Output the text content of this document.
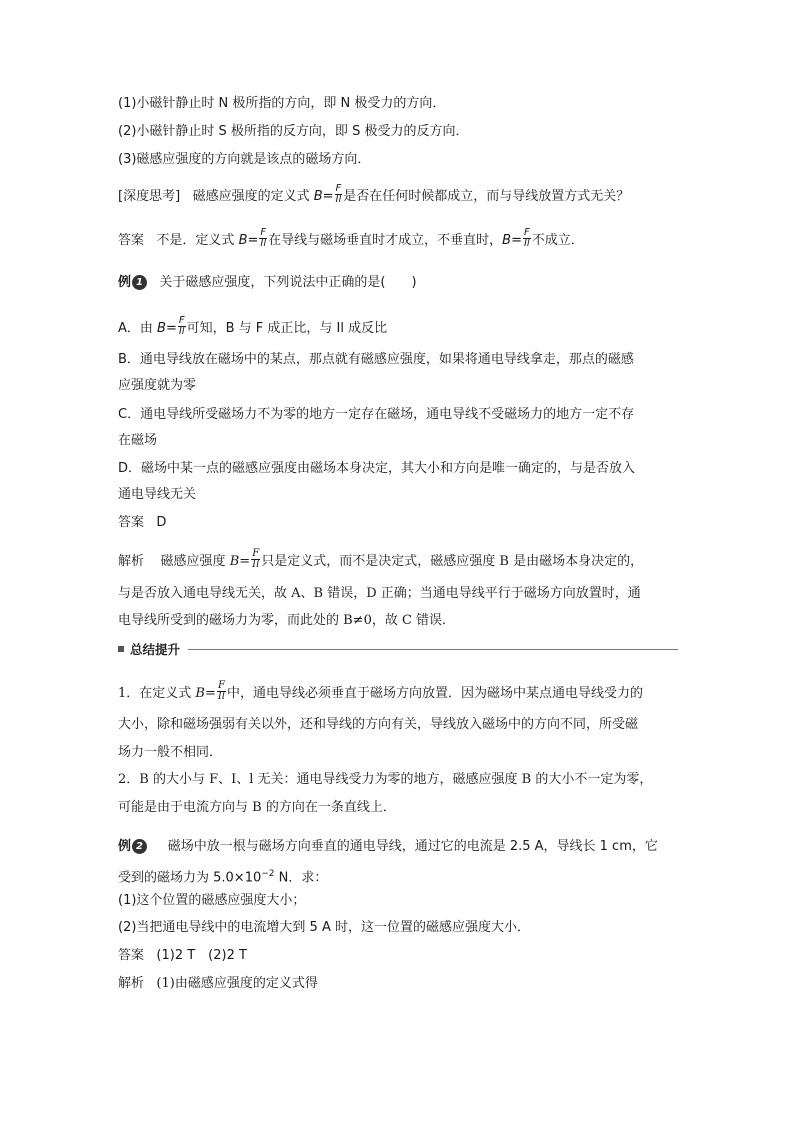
(1)小磁针静止时 N 极所指的方向，即 N 极受力的方向．
(2)小磁针静止时 S 极所指的反方向，即 S 极受力的反方向．
(3)磁感应强度的方向就是该点的磁场方向．
[深度思考] 磁感应强度的定义式 $B= \frac{F}{Il}$ 是否在任何时候都成立，而与导线放置方式无关？
答案 不是．定义式 $B= \frac{F}{Il}$ 在导线与磁场垂直时才成立，不垂直时，$B= \frac{F}{Il}$ 不成立．
例 1 关于磁感应强度，下列说法中正确的是(　　)
A．由 $B= \frac{F}{Il}$ 可知，B 与 F 成正比，与 Il 成反比
B．通电导线放在磁场中的某点，那点就有磁感应强度，如果将通电导线拿走，那点的磁感
应强度就为零
C．通电导线所受磁场力不为零的地方一定存在磁场，通电导线不受磁场力的地方一定不存
在磁场
D．磁场中某一点的磁感应强度由磁场本身决定，其大小和方向是唯一确定的，与是否放入
通电导线无关
答案 D
解析 磁感应强度 $B= \frac{F}{Il}$ 只是定义式，而不是决定式，磁感应强度 B 是由磁场本身决定的，
与是否放入通电导线无关，故 A、B 错误，D 正确；当通电导线平行于磁场方向放置时，通
电导线所受到的磁场力为零，而此处的 B≠0，故 C 错误．
总结提升
1．在定义式 $B= \frac{F}{Il}$ 中，通电导线必须垂直于磁场方向放置．因为磁场中某点通电导线受力的
大小，除和磁场强弱有关以外，还和导线的方向有关，导线放入磁场中的方向不同，所受磁
场力一般不相同．
2．B 的大小与 F、I、l 无关：通电导线受力为零的地方，磁感应强度 B 的大小不一定为零，
可能是由于电流方向与 B 的方向在一条直线上．
例 2 磁场中放一根与磁场方向垂直的通电导线，通过它的电流是 2.5 A，导线长 1 cm，它
受到的磁场力为 $5.0\times 10^{-2}$ N．求：
(1)这个位置的磁感应强度大小；
(2)当把通电导线中的电流增大到 5 A 时，这一位置的磁感应强度大小．
答案 (1)2 T　(2)2 T
解析 (1)由磁感应强度的定义式得
